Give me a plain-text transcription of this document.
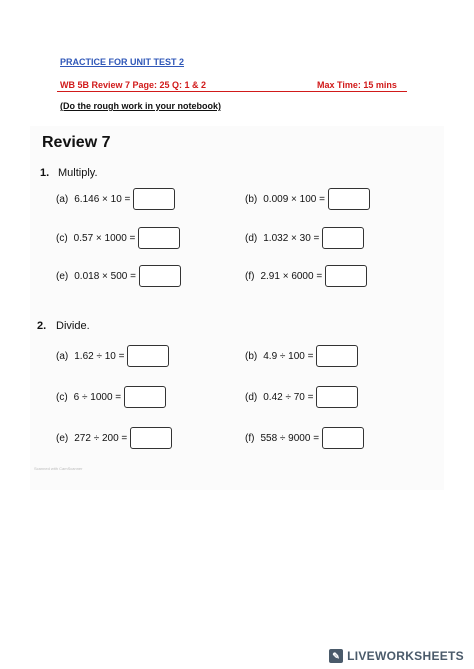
PRACTICE FOR UNIT TEST 2
WB 5B Review 7 Page: 25 Q: 1 & 2	Max Time: 15 mins
(Do the rough work in your notebook)
Review 7
1. Multiply.
(a) 6.146 × 10 =	(b) 0.009 × 100 =
(c) 0.57 × 1000 =	(d) 1.032 × 30 =
(e) 0.018 × 500 =	(f) 2.91 × 6000 =
2. Divide.
(a) 1.62 ÷ 10 =	(b) 4.9 ÷ 100 =
(c) 6 ÷ 1000 =	(d) 0.42 ÷ 70 =
(e) 272 ÷ 200 =	(f) 558 ÷ 9000 =
Scanned with CamScanner
✎ LIVEWORKSHEETS
